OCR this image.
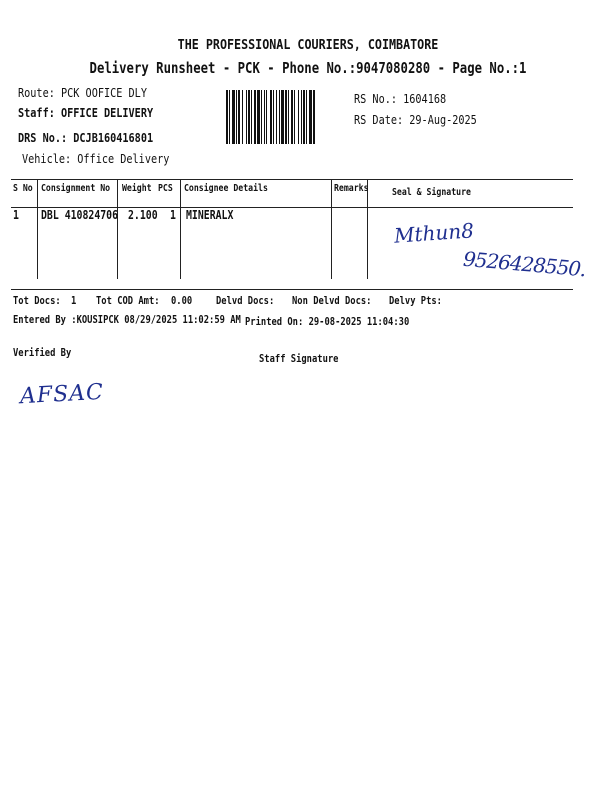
THE PROFESSIONAL COURIERS, COIMBATORE
Delivery Runsheet - PCK - Phone No.:9047080280 - Page No.:1
Route: PCK OOFICE DLY
Staff: OFFICE DELIVERY
DRS No.: DCJB160416801
Vehicle: Office Delivery
RS No.: 1604168
RS Date: 29-Aug-2025
S No Consignment No Weight PCS Consignee Details	Remarks Seal & Signature
1 DBL 410824706 2.100 1 MINERALX
Mthun8
9526428550.
Tot Docs: 1 Tot COD Amt: 0.00 Delvd Docs: Non Delvd Docs: Delvy Pts:
Entered By :KOUSIPCK 08/29/2025 11:02:59 AM Printed On: 29-08-2025 11:04:30
Verified By	Staff Signature
AFSAC
